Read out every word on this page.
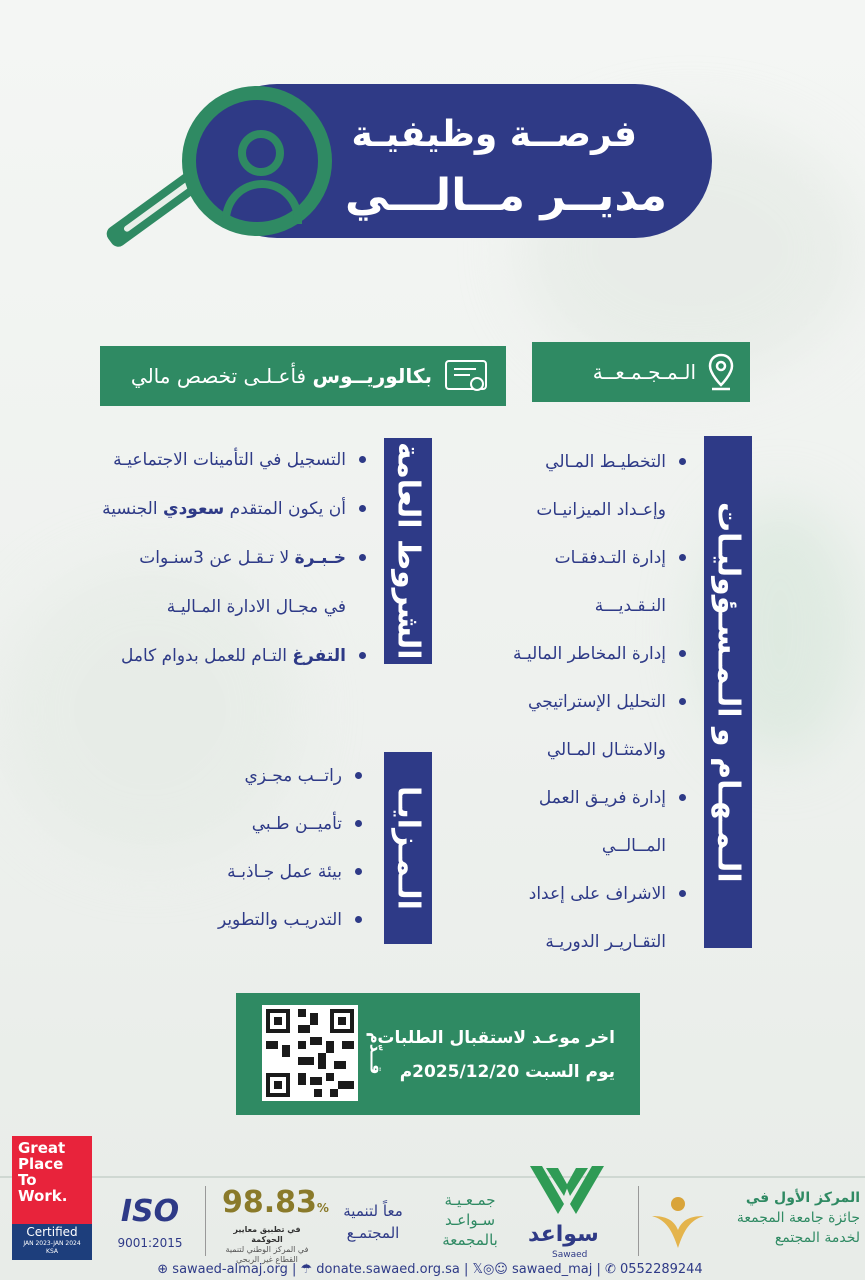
فرصــة وظيفيـة
مديــر مــالـــي
الـمـجـمـعــة
بكالوريــوس فأعـلـى تخصص مالي
الـمـهـام و الـمـسـؤوليـات
التخطيـط المـالي
وإعـداد الميزانيـات
إدارة التـدفقـات
النـقـديـــة
إدارة المخاطر الماليـة
التحليل الإستراتيجي
والامتثـال المـالي
إدارة فريـق العمل
المــالــي
الاشراف على إعداد
التقـاريـر الدوريـة
الشروط العامة
التسجيل في التأمينات الاجتماعيـة
أن يكون المتقدم سعودي الجنسية
خـبـرة لا تـقـل عن 3سنـوات
في مجـال الادارة المـاليـة
التفرغ التـام للعمل بدوام كامل
الـمـزايـا
راتــب مجـزي
تأميــن طـبي
بيئة عمل جـاذبـة
التدريـب والتطوير
قــدّم
اخر موعـد لاستقبال الطلبات
يوم السبت 2025/12/20م
Great Place To Work.
Certified
JAN 2023-JAN 2024
KSA
ISO
9001:2015
98.83%
في تطبيق معايير الحوكمة
في المركز الوطني لتنمية القطاع غير الربحي
معاً لتنمية المجتمـع
جمـعـيـة سـواعـد بالمجمعة	سواعد
Sawaed
المركز الأول في
جائزة جامعة المجمعة
لخدمة المجتمع
⊕ sawaed-almaj.org | ☂ donate.sawaed.org.sa | 𝕏◎☺ sawaed_maj | ✆ 0552289244
